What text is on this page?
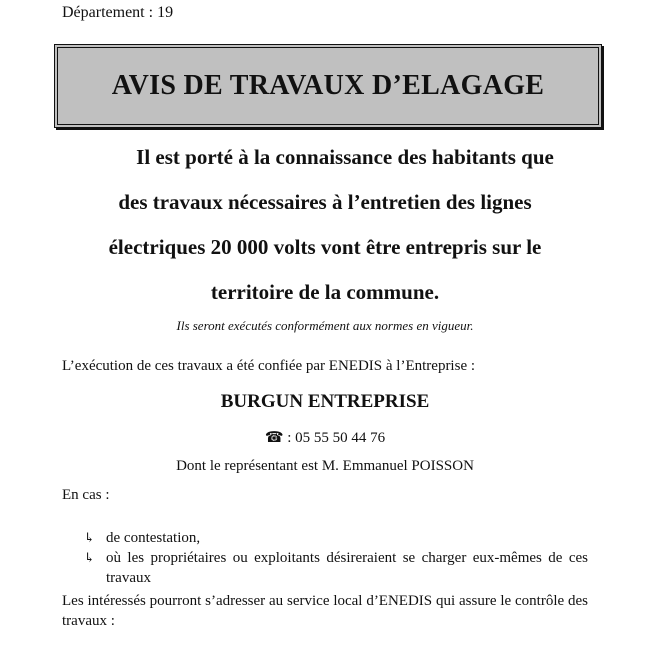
Département : 19
AVIS DE TRAVAUX D’ELAGAGE
Il est porté à la connaissance des habitants que
des travaux nécessaires à l’entretien des lignes
électriques 20 000 volts vont être entrepris sur le
territoire de la commune.
Ils seront exécutés conformément aux normes en vigueur.
L’exécution de ces travaux a été confiée par ENEDIS à l’Entreprise :
BURGUN ENTREPRISE
☎ : 05 55 50 44 76
Dont le représentant est M. Emmanuel POISSON
En cas :
↳ de contestation,
↳ où les propriétaires ou exploitants désireraient se charger eux-mêmes de ces travaux
Les intéressés pourront s’adresser au service local d’ENEDIS qui assure le contrôle des travaux :
